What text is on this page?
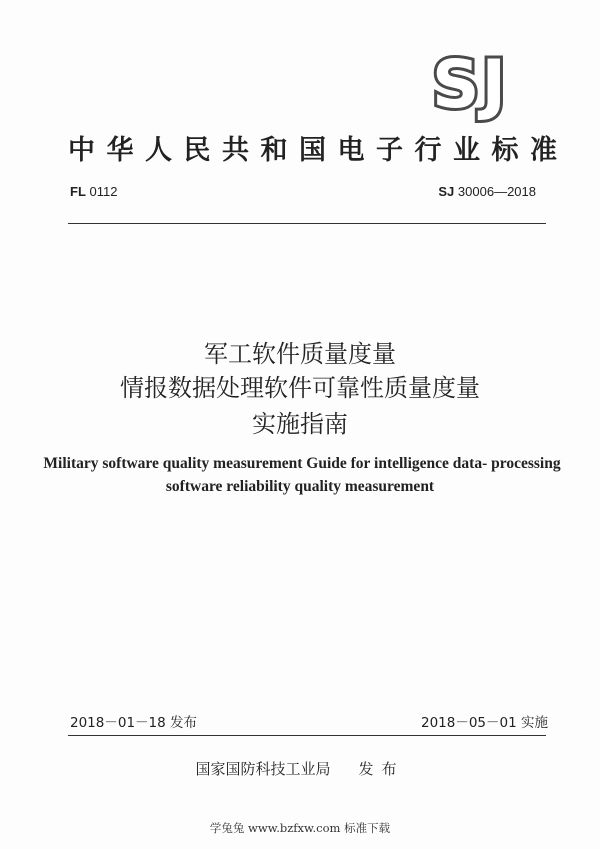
SJ
中华人民共和国电子行业标准
FL 0112	SJ 30006—2018
军工软件质量度量
情报数据处理软件可靠性质量度量
实施指南
Military software quality measurement Guide for intelligence data- processing
software reliability quality measurement
2018－01－18 发布	2018－05－01 实施
国家国防科技工业局 发布
学兔兔 www.bzfxw.com 标准下载
